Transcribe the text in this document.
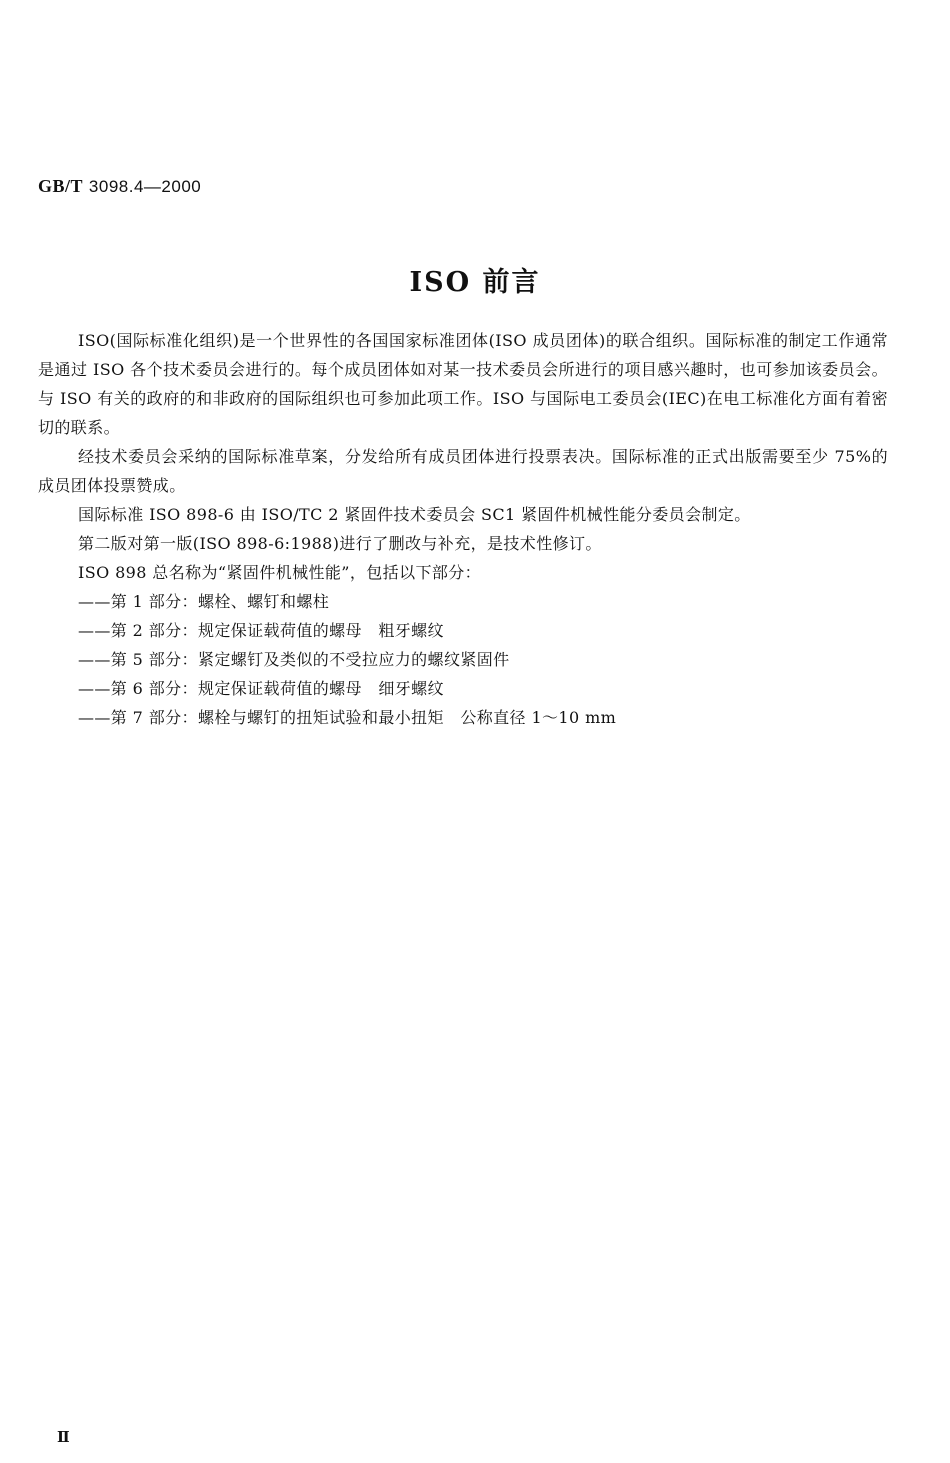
GB/T 3098.4—2000
ISO 前言

ISO(国际标准化组织)是一个世界性的各国国家标准团体(ISO 成员团体)的联合组织。国际标准的制定工作通常是通过 ISO 各个技术委员会进行的。每个成员团体如对某一技术委员会所进行的项目感兴趣时，也可参加该委员会。与 ISO 有关的政府的和非政府的国际组织也可参加此项工作。ISO 与国际电工委员会(IEC)在电工标准化方面有着密切的联系。

经技术委员会采纳的国际标准草案，分发给所有成员团体进行投票表决。国际标准的正式出版需要至少 75%的成员团体投票赞成。

国际标准 ISO 898-6 由 ISO/TC 2 紧固件技术委员会 SC1 紧固件机械性能分委员会制定。

第二版对第一版(ISO 898-6:1988)进行了删改与补充，是技术性修订。

ISO 898 总名称为“紧固件机械性能”，包括以下部分：

——第 1 部分：螺栓、螺钉和螺柱

——第 2 部分：规定保证载荷值的螺母　粗牙螺纹

——第 5 部分：紧定螺钉及类似的不受拉应力的螺纹紧固件

——第 6 部分：规定保证载荷值的螺母　细牙螺纹

——第 7 部分：螺栓与螺钉的扭矩试验和最小扭矩　公称直径 1～10 mm

Ⅱ
